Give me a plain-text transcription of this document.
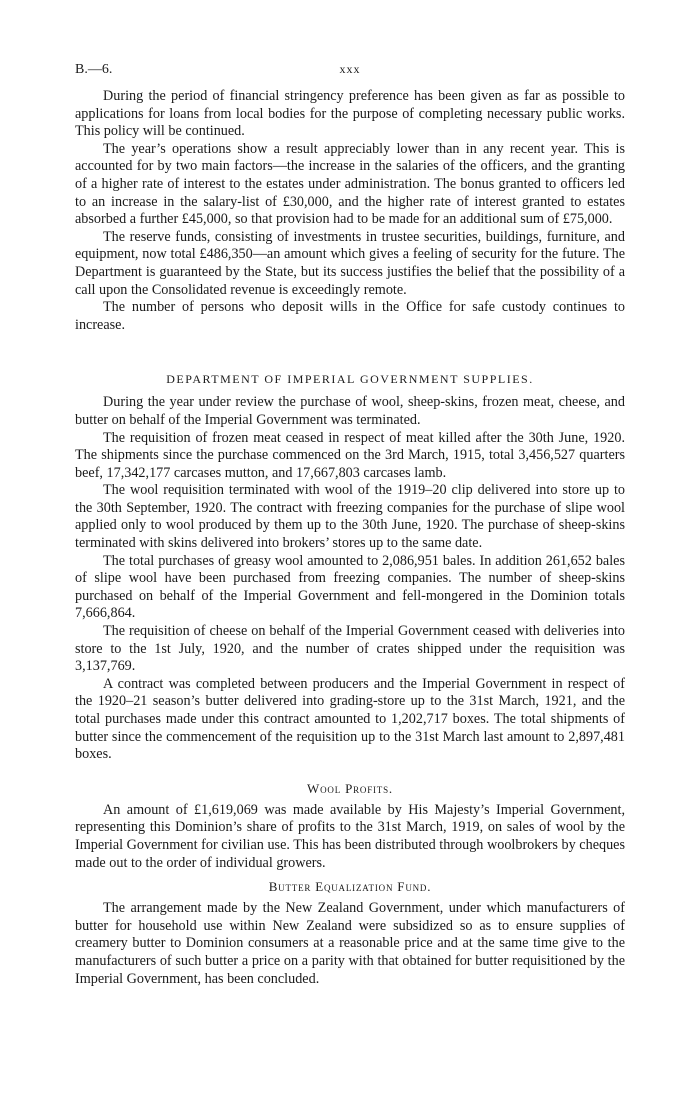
B.—6.	xxx

During the period of financial stringency preference has been given as far as possible to applications for loans from local bodies for the purpose of completing necessary public works. This policy will be continued.

The year’s operations show a result appreciably lower than in any recent year. This is accounted for by two main factors—the increase in the salaries of the officers, and the granting of a higher rate of interest to the estates under administration. The bonus granted to officers led to an increase in the salary-list of £30,000, and the higher rate of interest granted to estates absorbed a further £45,000, so that provision had to be made for an additional sum of £75,000.

The reserve funds, consisting of investments in trustee securities, buildings, furniture, and equipment, now total £486,350—an amount which gives a feeling of security for the future. The Department is guaranteed by the State, but its success justifies the belief that the possibility of a call upon the Consolidated revenue is exceedingly remote.

The number of persons who deposit wills in the Office for safe custody continues to increase.

DEPARTMENT OF IMPERIAL GOVERNMENT SUPPLIES.

During the year under review the purchase of wool, sheep-skins, frozen meat, cheese, and butter on behalf of the Imperial Government was terminated.

The requisition of frozen meat ceased in respect of meat killed after the 30th June, 1920. The shipments since the purchase commenced on the 3rd March, 1915, total 3,456,527 quarters beef, 17,342,177 carcases mutton, and 17,667,803 carcases lamb.

The wool requisition terminated with wool of the 1919–20 clip delivered into store up to the 30th September, 1920. The contract with freezing companies for the purchase of slipe wool applied only to wool produced by them up to the 30th June, 1920. The purchase of sheep-skins terminated with skins delivered into brokers’ stores up to the same date.

The total purchases of greasy wool amounted to 2,086,951 bales. In addition 261,652 bales of slipe wool have been purchased from freezing companies. The number of sheep-skins purchased on behalf of the Imperial Government and fell-mongered in the Dominion totals 7,666,864.

The requisition of cheese on behalf of the Imperial Government ceased with deliveries into store to the 1st July, 1920, and the number of crates shipped under the requisition was 3,137,769.

A contract was completed between producers and the Imperial Government in respect of the 1920–21 season’s butter delivered into grading-store up to the 31st March, 1921, and the total purchases made under this contract amounted to 1,202,717 boxes. The total shipments of butter since the commencement of the requisition up to the 31st March last amount to 2,897,481 boxes.

Wool Profits.

An amount of £1,619,069 was made available by His Majesty’s Imperial Government, representing this Dominion’s share of profits to the 31st March, 1919, on sales of wool by the Imperial Government for civilian use. This has been distributed through woolbrokers by cheques made out to the order of individual growers.

Butter Equalization Fund.

The arrangement made by the New Zealand Government, under which manufacturers of butter for household use within New Zealand were subsidized so as to ensure supplies of creamery butter to Dominion consumers at a reasonable price and at the same time give to the manufacturers of such butter a price on a parity with that obtained for butter requisitioned by the Imperial Government, has been concluded.
